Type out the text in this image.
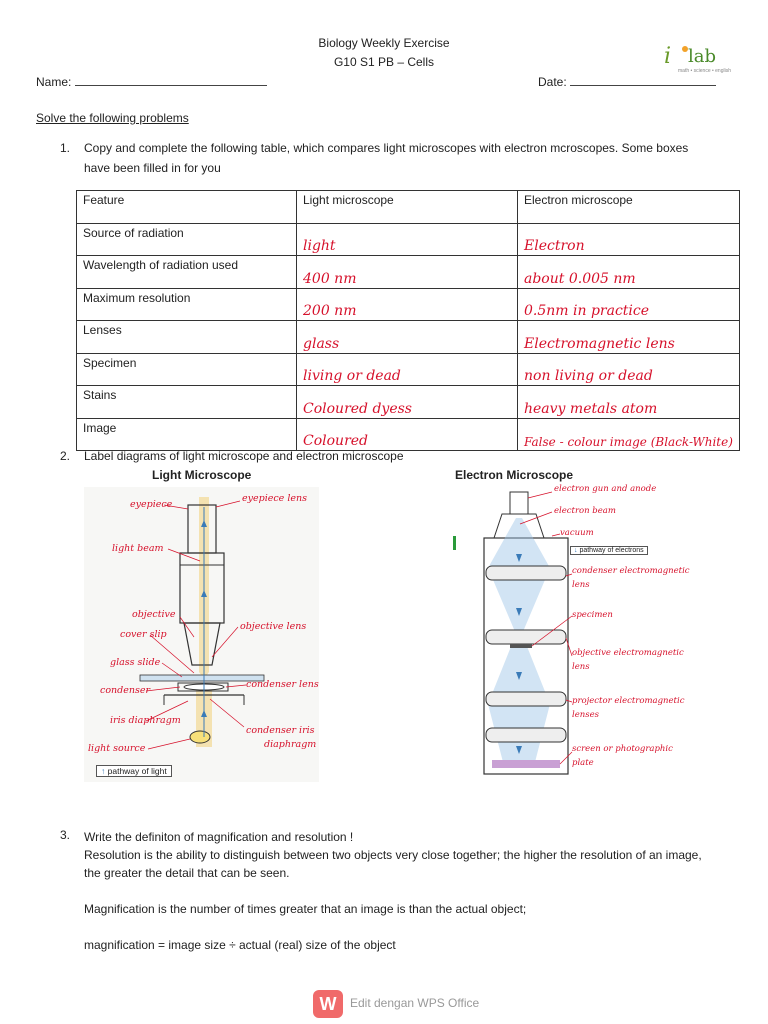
Biology Weekly Exercise
G10 S1 PB – Cells	i lab
math • science • english
Name:	Date:
Solve the following problems
1. Copy and complete the following table, which compares light microscopes with electron mcroscopes. Some boxes
have been filled in for you
Feature	Light microscope	Electron microscope
Source of radiation	light	Electron
Wavelength of radiation used	400 nm	about 0.005 nm
Maximum resolution	200 nm	0.5nm in practice
Lenses	glass	Electromagnetic lens
Specimen	living or dead	non living or dead
Stains	Coloured dyess	heavy metals atom
Image	Coloured	False - colour image (Black-White)
2. Label diagrams of light microscope and electron microscope
Light Microscope	Electron Microscope
eyepiece
eyepiece lens
light beam
objective
objective lens
cover slip
glass slide
condenser
condenser lens
iris diaphragm
condenser iris
diaphragm
light source
↑ pathway of light
electron gun and anode
electron beam
vacuum
↓ pathway of electrons
condenser electromagnetic
lens
specimen
objective electromagnetic
lens
projector electromagnetic
lenses
screen or photographic
plate
3. Write the definiton of magnification and resolution !
Resolution is the ability to distinguish between two objects very close together; the higher the resolution of an image,
the greater the detail that can be seen.
Magnification is the number of times greater that an image is than the actual object;
magnification = image size ÷ actual (real) size of the object
W	Edit dengan WPS Office
